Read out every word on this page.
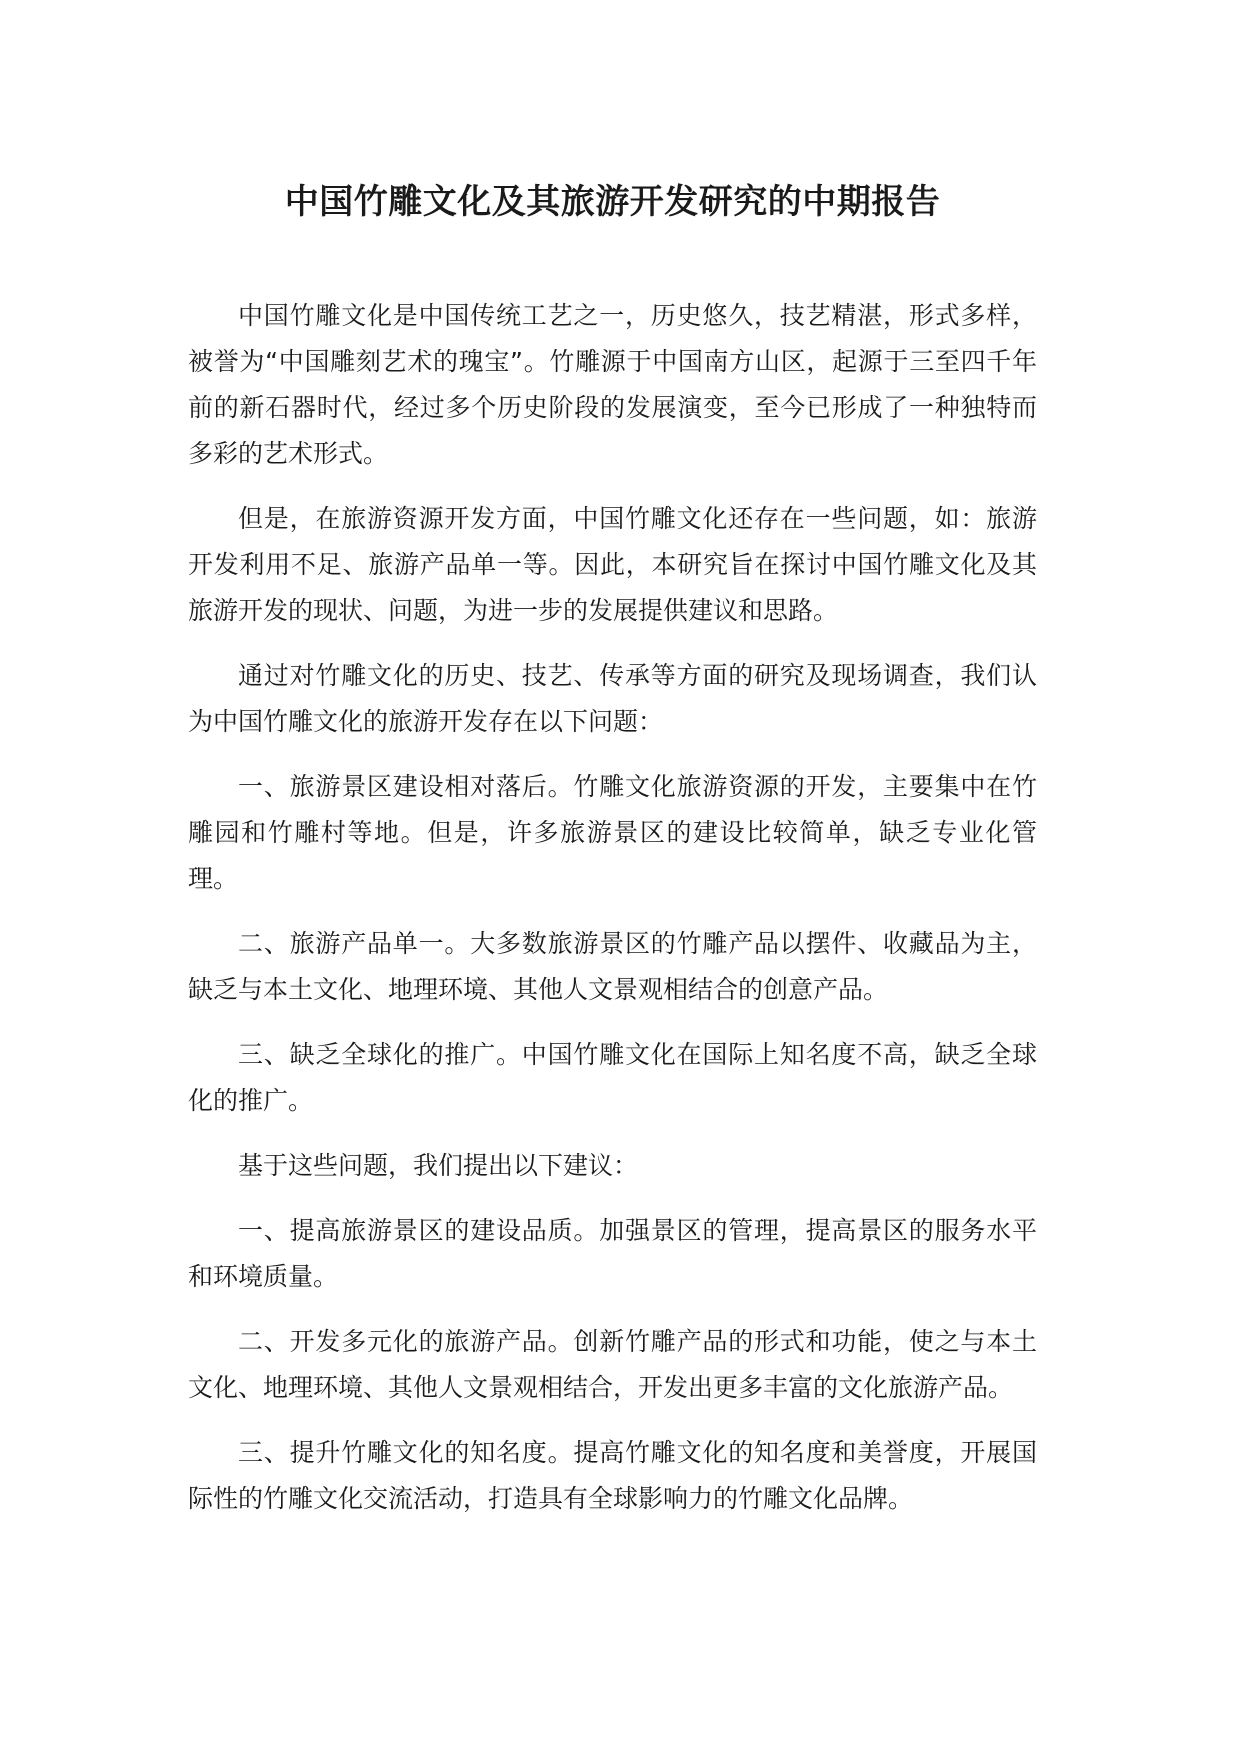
中国竹雕文化及其旅游开发研究的中期报告

中国竹雕文化是中国传统工艺之一，历史悠久，技艺精湛，形式多样，被誉为“中国雕刻艺术的瑰宝”。竹雕源于中国南方山区，起源于三至四千年前的新石器时代，经过多个历史阶段的发展演变，至今已形成了一种独特而多彩的艺术形式。

但是，在旅游资源开发方面，中国竹雕文化还存在一些问题，如：旅游开发利用不足、旅游产品单一等。因此，本研究旨在探讨中国竹雕文化及其旅游开发的现状、问题，为进一步的发展提供建议和思路。

通过对竹雕文化的历史、技艺、传承等方面的研究及现场调查，我们认为中国竹雕文化的旅游开发存在以下问题：

一、旅游景区建设相对落后。竹雕文化旅游资源的开发，主要集中在竹雕园和竹雕村等地。但是，许多旅游景区的建设比较简单，缺乏专业化管理。

二、旅游产品单一。大多数旅游景区的竹雕产品以摆件、收藏品为主，缺乏与本土文化、地理环境、其他人文景观相结合的创意产品。

三、缺乏全球化的推广。中国竹雕文化在国际上知名度不高，缺乏全球化的推广。

基于这些问题，我们提出以下建议：

一、提高旅游景区的建设品质。加强景区的管理，提高景区的服务水平和环境质量。

二、开发多元化的旅游产品。创新竹雕产品的形式和功能，使之与本土文化、地理环境、其他人文景观相结合，开发出更多丰富的文化旅游产品。

三、提升竹雕文化的知名度。提高竹雕文化的知名度和美誉度，开展国际性的竹雕文化交流活动，打造具有全球影响力的竹雕文化品牌。
